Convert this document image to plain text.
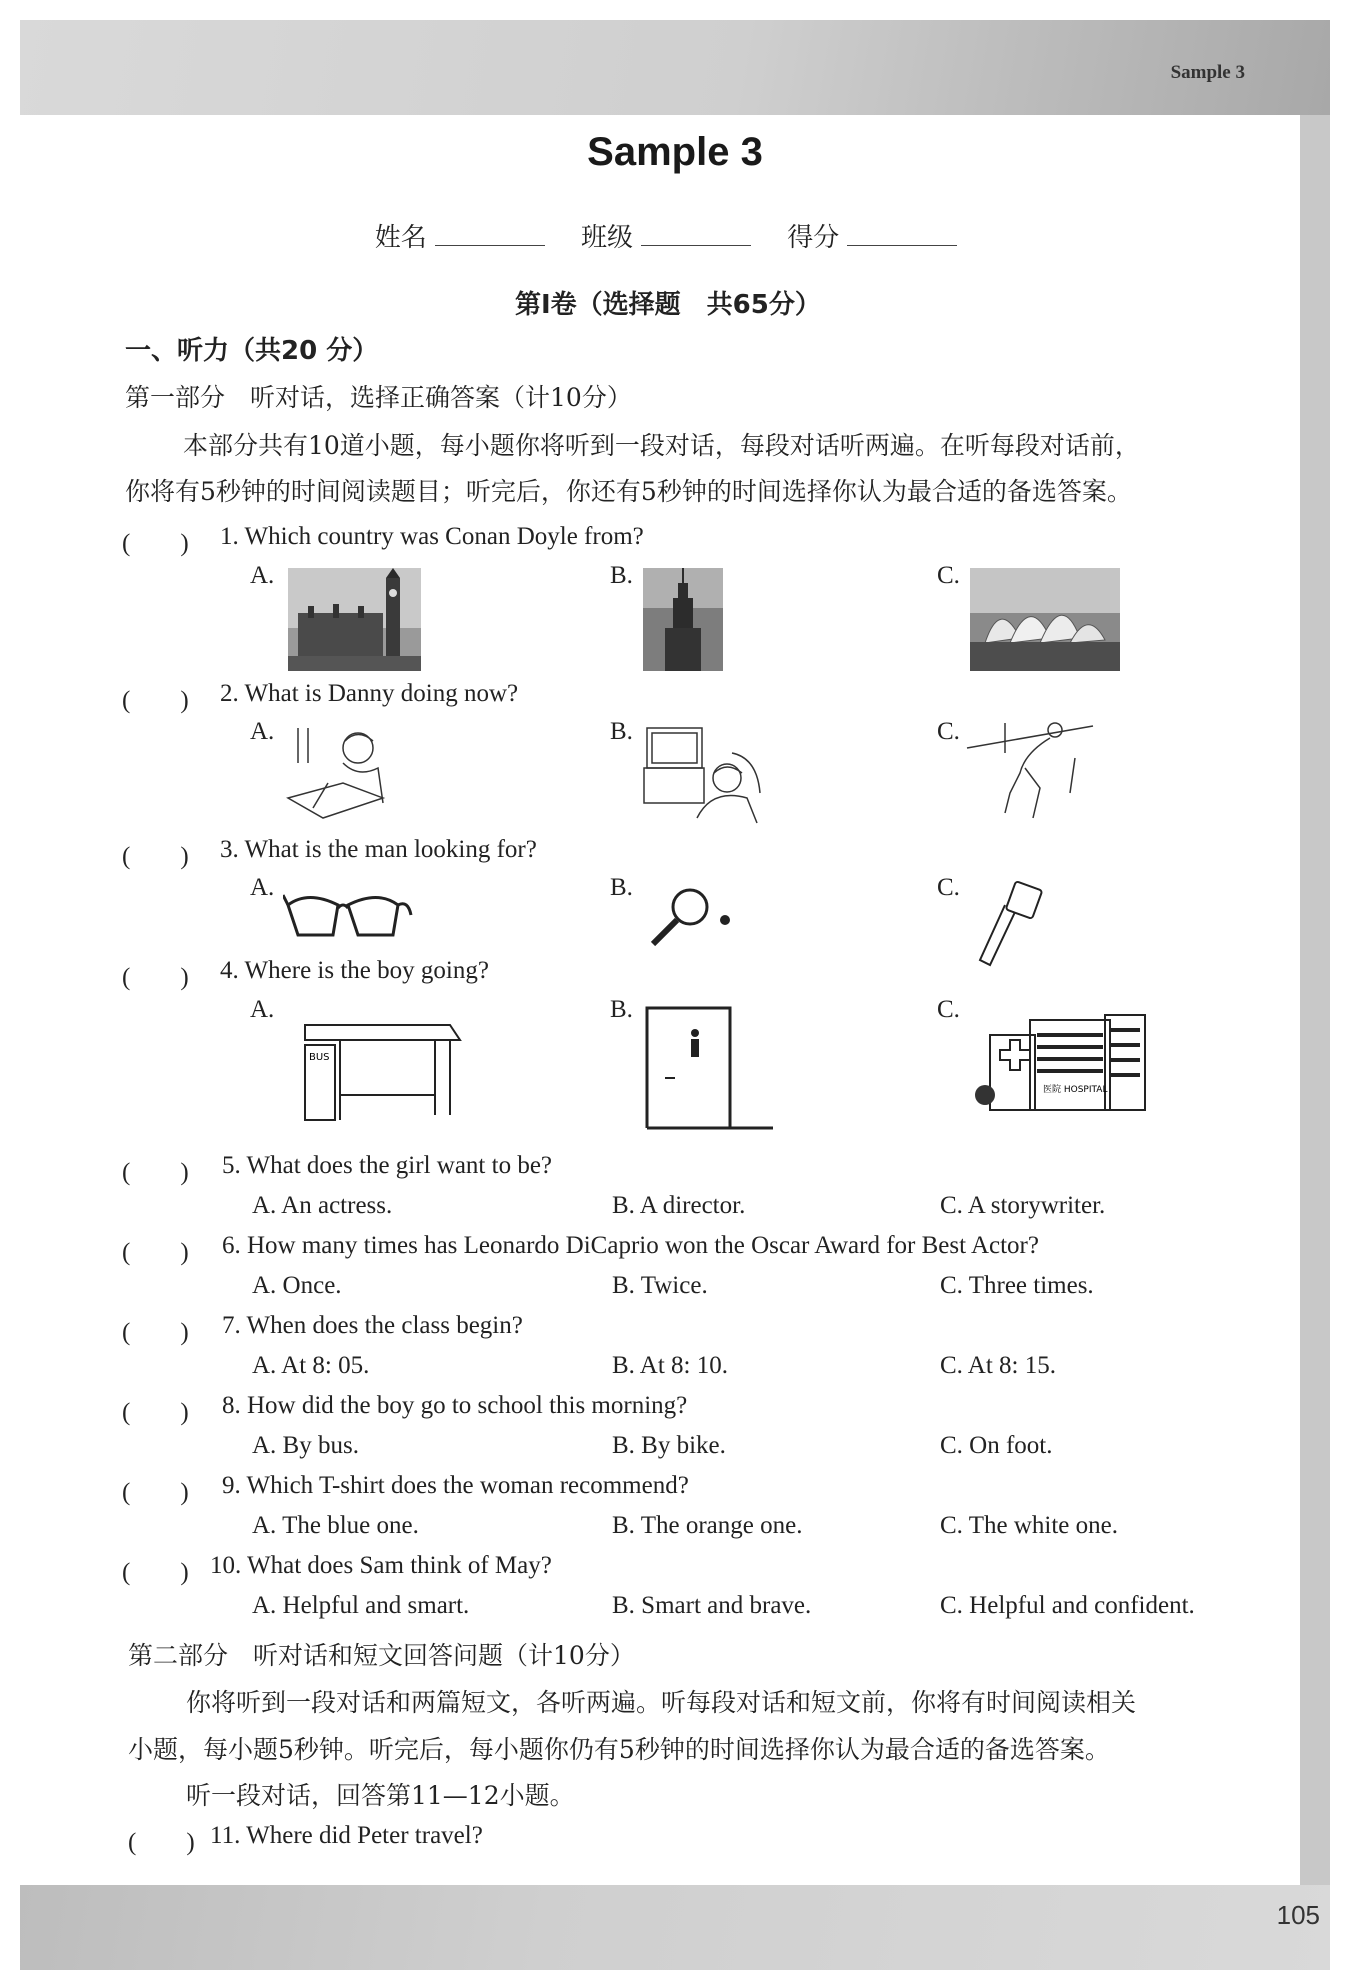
Sample 3
105
Sample 3
姓名	班级	得分
第Ⅰ卷（选择题　共65分）
一、听力（共20 分）
第一部分　听对话，选择正确答案（计10分）
本部分共有10道小题，每小题你将听到一段对话，每段对话听两遍。在听每段对话前，
你将有5秒钟的时间阅读题目；听完后，你还有5秒钟的时间选择你认为最合适的备选答案。
(　　) 1. Which country was Conan Doyle from?
A.	B.	C.
(　　) 2. What is Danny doing now?
A.	B.	C.
(　　) 3. What is the man looking for?
A.	B.	C.
(　　) 4. Where is the boy going?
A.	B.	C.
BUS
医院 HOSPITAL
(　　) 5. What does the girl want to be?
A. An actress.	B. A director.	C. A storywriter.
(　　) 6. How many times has Leonardo DiCaprio won the Oscar Award for Best Actor?
A. Once.	B. Twice.	C. Three times.
(　　) 7. When does the class begin?
A. At 8: 05.	B. At 8: 10.	C. At 8: 15.
(　　) 8. How did the boy go to school this morning?
A. By bus.	B. By bike.	C. On foot.
(　　) 9. Which T-shirt does the woman recommend?
A. The blue one.	B. The orange one.	C. The white one.
(　　) 10. What does Sam think of May?
A. Helpful and smart.	B. Smart and brave.	C. Helpful and confident.
第二部分　听对话和短文回答问题（计10分）
你将听到一段对话和两篇短文，各听两遍。听每段对话和短文前，你将有时间阅读相关
小题，每小题5秒钟。听完后，每小题你仍有5秒钟的时间选择你认为最合适的备选答案。
听一段对话，回答第11—12小题。
(　　) 11. Where did Peter travel?
